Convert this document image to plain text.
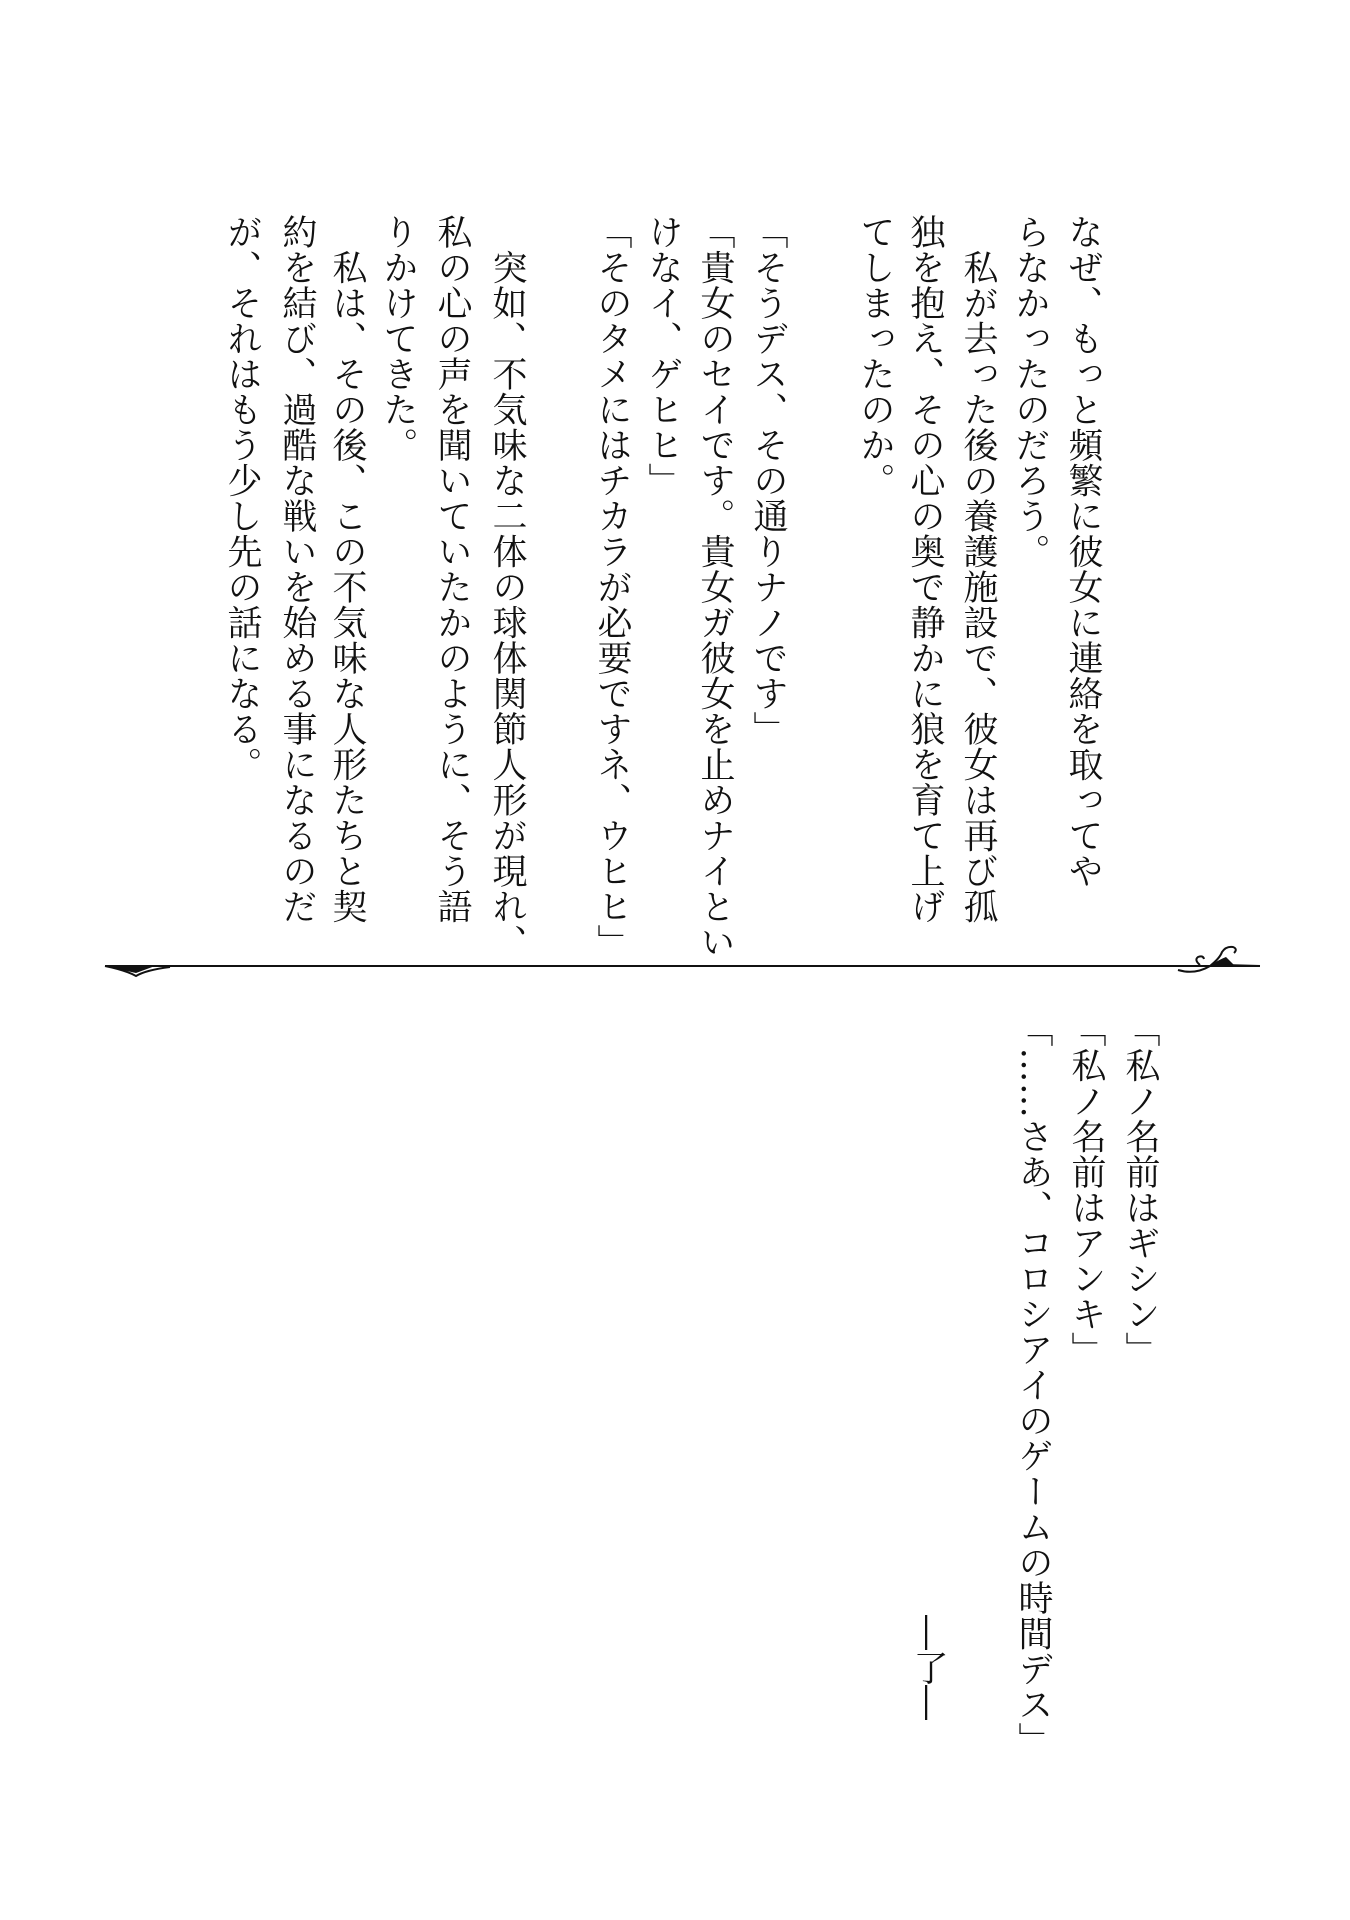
なぜ、もっと頻繁に彼女に連絡を取ってや
らなかったのだろう。
　私が去った後の養護施設で、彼女は再び孤
独を抱え、その心の奥で静かに狼を育て上げ
てしまったのか。
「そうデス、その通りナノです」
「貴女のセイです。貴女ガ彼女を止めナイとい
けなイ、ゲヒヒ」
「そのタメにはチカラが必要ですネ、ウヒヒ」
　突如、不気味な二体の球体関節人形が現れ、
私の心の声を聞いていたかのように、そう語
りかけてきた。
　私は、その後、この不気味な人形たちと契
約を結び、過酷な戦いを始める事になるのだ
が、それはもう少し先の話になる。
「私ノ名前はギシン」
「私ノ名前はアンキ」
「……さあ、コロシアイのゲームの時間デス」
―了―
